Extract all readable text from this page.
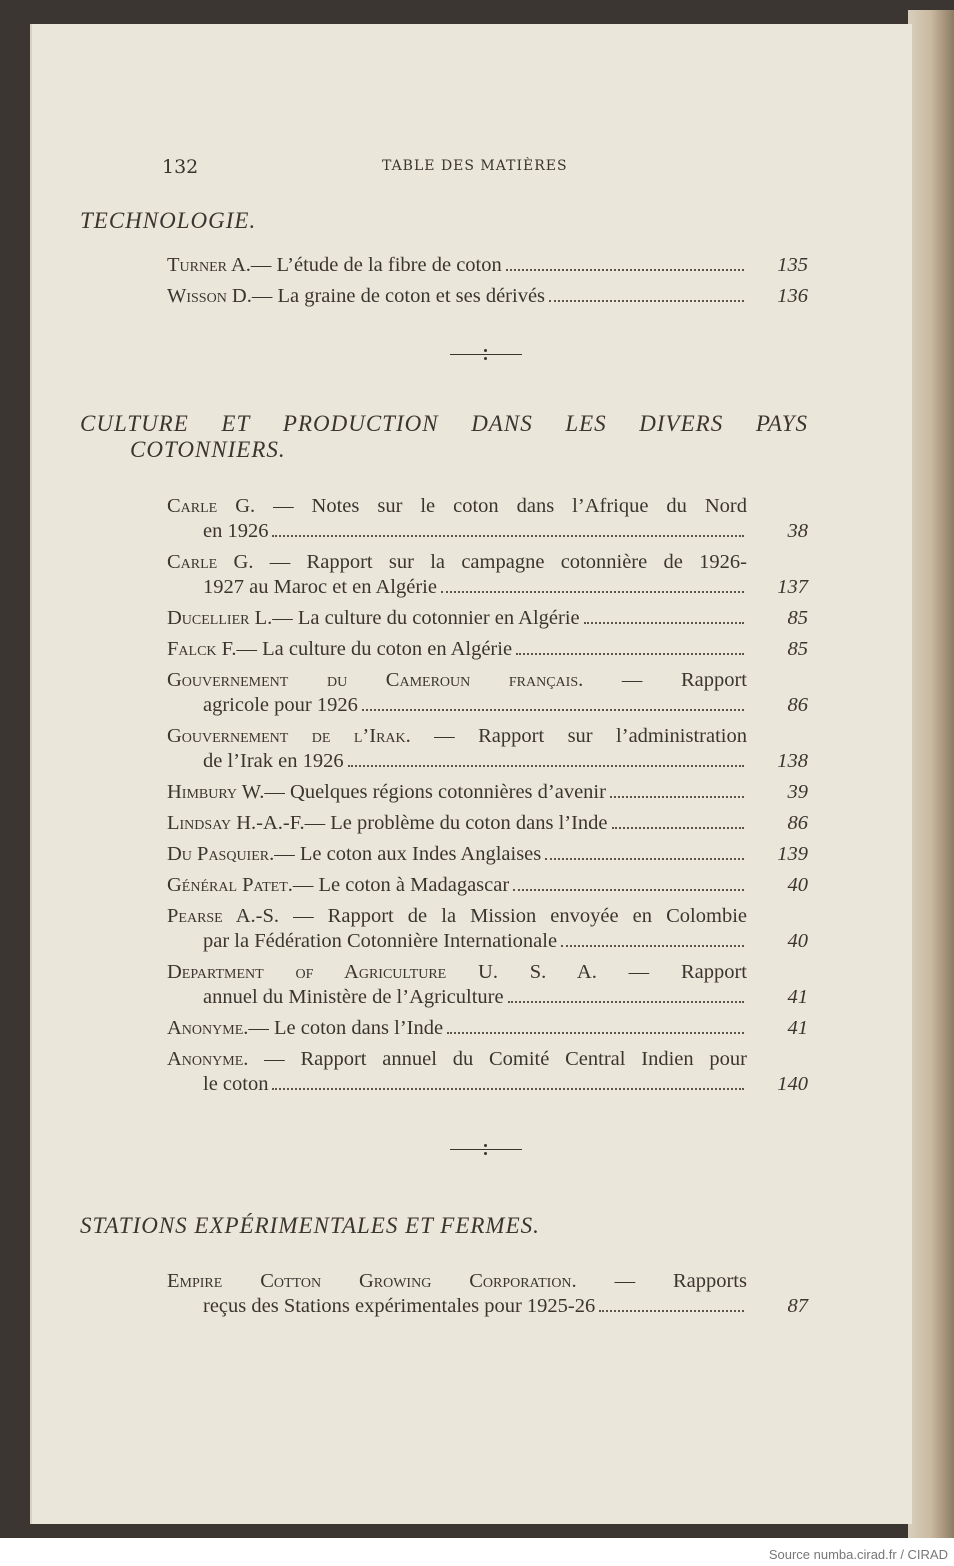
132	TABLE DES MATIÈRES
TECHNOLOGIE.
Turner A. — L’étude de la fibre de coton	135
Wisson D. — La graine de coton et ses dérivés	136
CULTURE ET PRODUCTION DANS LES DIVERS PAYS
COTONNIERS.
Carle G. — Notes sur le coton dans l’Afrique du Nord
en 1926	38
Carle G. — Rapport sur la campagne cotonnière de 1926-
1927 au Maroc et en Algérie	137
Ducellier L. — La culture du cotonnier en Algérie	85
Falck F. — La culture du coton en Algérie	85
Gouvernement du Cameroun français. — Rapport
agricole pour 1926	86
Gouvernement de l’Irak. — Rapport sur l’administration
de l’Irak en 1926	138
Himbury W. — Quelques régions cotonnières d’avenir	39
Lindsay H.-A.-F. — Le problème du coton dans l’Inde	86
Du Pasquier. — Le coton aux Indes Anglaises	139
Général Patet. — Le coton à Madagascar	40
Pearse A.-S. — Rapport de la Mission envoyée en Colombie
par la Fédération Cotonnière Internationale	40
Department of Agriculture U. S. A. — Rapport
annuel du Ministère de l’Agriculture	41
Anonyme. — Le coton dans l’Inde	41
Anonyme. — Rapport annuel du Comité Central Indien pour
le coton	140
STATIONS EXPÉRIMENTALES ET FERMES.
Empire Cotton Growing Corporation. — Rapports
reçus des Stations expérimentales pour 1925-26	87
Source numba.cirad.fr / CIRAD
